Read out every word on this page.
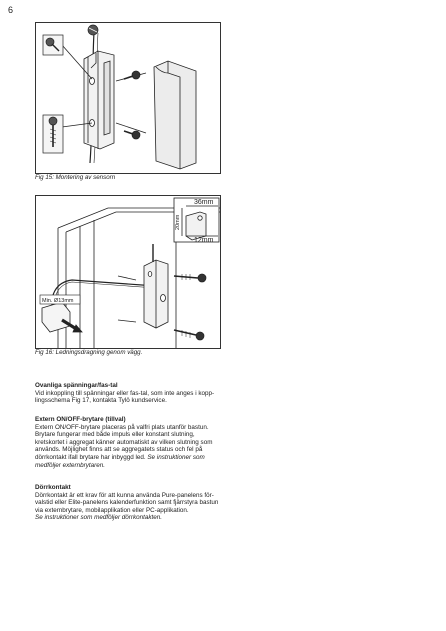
6
Fig 15: Montering av sensorn
36mm
20mm
12mm
Min. Ø13mm
Fig 16: Ledningsdragning genom vägg.
Ovanliga spänningar/fas-tal

Vid inkoppling till spänningar eller fas-tal, som inte anges i kopp-

lingsschema Fig 17, kontakta Tylö kundservice.

Extern ON/OFF-brytare (tillval)

Extern ON/OFF-brytare placeras på valfri plats utanför bastun.

Brytare fungerar med både impuls eller konstant slutning,

kretskortet i aggregat känner automatiskt av vilken slutning som

används. Möjlighet finns att se aggregatets status och fel på

dörrkontakt ifall brytare har inbyggd led. Se instruktioner som

medföljer externbrytaren.

Dörrkontakt

Dörrkontakt är ett krav för att kunna använda Pure-panelens för-

valstid eller Elite-panelens kalenderfunktion samt fjärrstyra bastun

via externbrytare, mobilapplikation eller PC-applikation.

Se instruktioner som medföljer dörrkontakten.
